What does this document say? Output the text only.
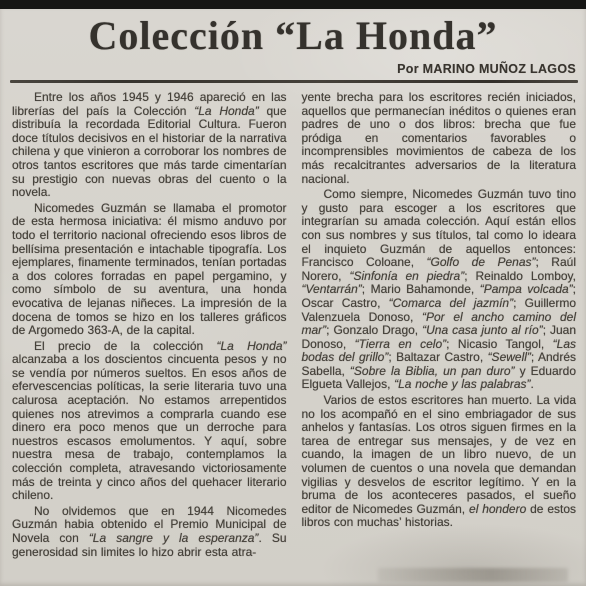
Colección “La Honda”
Por MARINO MUÑOZ LAGOS

Entre los años 1945 y 1946 apareció en las librerías del país la Colección “La Honda” que distribuía la recordada Editorial Cultura. Fueron doce títulos decisivos en el historiar de la narrativa chilena y que vinieron a corroborar los nombres de otros tantos escritores que más tarde cimentarían su prestigio con nuevas obras del cuento o la novela.

Nicomedes Guzmán se llamaba el promotor de esta hermosa iniciativa: él mismo anduvo por todo el territorio nacional ofreciendo esos libros de bellísima presentación e intachable tipografía. Los ejemplares, finamente terminados, tenían portadas a dos colores forradas en papel pergamino, y como símbolo de su aventura, una honda evocativa de lejanas niñeces. La impresión de la docena de tomos se hizo en los talleres gráficos de Argomedo 363-A, de la capital.

El precio de la colección “La Honda” alcanzaba a los doscientos cincuenta pesos y no se vendía por números sueltos. En esos años de efervescencias políticas, la serie literaria tuvo una calurosa aceptación. No estamos arrepentidos quienes nos atrevimos a comprarla cuando ese dinero era poco menos que un derroche para nuestros escasos emolumentos. Y aquí, sobre nuestra mesa de trabajo, contemplamos la colección completa, atravesando victoriosamente más de treinta y cinco años del quehacer literario chileno.

No olvidemos que en 1944 Nicomedes Guzmán habia obtenido el Premio Municipal de Novela con “La sangre y la esperanza”. Su generosidad sin limites lo hizo abrir esta atra-

yente brecha para los escritores recién iniciados, aquellos que permanecían inéditos o quienes eran padres de uno o dos libros: brecha que fue pródiga en comentarios favorables o incomprensibles movimientos de cabeza de los más recalcitrantes adversarios de la literatura nacional.

Como siempre, Nicomedes Guzmán tuvo tino y gusto para escoger a los escritores que integrarían su amada colección. Aquí están ellos con sus nombres y sus títulos, tal como lo ideara el inquieto Guzmán de aquellos entonces: Francisco Coloane, “Golfo de Penas”; Raúl Norero, “Sinfonía en piedra”; Reinaldo Lomboy, “Ventarrán”; Mario Bahamonde, “Pampa volcada”; Oscar Castro, “Comarca del jazmín”; Guillermo Valenzuela Donoso, “Por el ancho camino del mar”; Gonzalo Drago, “Una casa junto al río”; Juan Donoso, “Tierra en celo”; Nicasio Tangol, “Las bodas del grillo”; Baltazar Castro, “Sewell”; Andrés Sabella, “Sobre la Biblia, un pan duro” y Eduardo Elgueta Vallejos, “La noche y las palabras”.

Varios de estos escritores han muerto. La vida no los acompañó en el sino embriagador de sus anhelos y fantasías. Los otros siguen firmes en la tarea de entregar sus mensajes, y de vez en cuando, la imagen de un libro nuevo, de un volumen de cuentos o una novela que demandan vigilias y desvelos de escritor legítimo. Y en la bruma de los aconteceres pasados, el sueño editor de Nicomedes Guzmán, el hondero de estos libros con muchas’ historias.
